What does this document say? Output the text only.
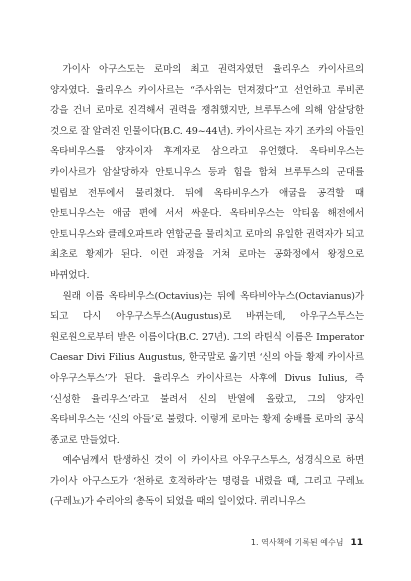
가이사 아구스도는 로마의 최고 권력자였던 율리우스 카이사르의 양자였다. 율리우스 카이사르는 “주사위는 던져졌다”고 선언하고 루비콘 강을 건너 로마로 진격해서 권력을 쟁취했지만, 브루투스에 의해 암살당한 것으로 잘 알려진 인물이다(B.C. 49~44년). 카이사르는 자기 조카의 아들인 옥타비우스를 양자이자 후계자로 삼으라고 유언했다. 옥타비우스는 카이사르가 암살당하자 안토니우스 등과 힘을 합쳐 브루투스의 군대를 빌립보 전투에서 물리쳤다. 뒤에 옥타비우스가 애굽을 공격할 때 안토니우스는 애굽 편에 서서 싸운다. 옥타비우스는 악티움 해전에서 안토니우스와 클레오파트라 연합군을 물리치고 로마의 유일한 권력자가 되고 최초로 황제가 된다. 이런 과정을 거쳐 로마는 공화정에서 왕정으로 바뀌었다.

원래 이름 옥타비우스(Octavius)는 뒤에 옥타비아누스(Octavianus)가 되고 다시 아우구스투스(Augustus)로 바뀌는데, 아우구스투스는 원로원으로부터 받은 이름이다(B.C. 27년). 그의 라틴식 이름은 Imperator Caesar Divi Filius Augustus, 한국말로 옮기면 ‘신의 아들 황제 카이사르 아우구스투스’가 된다. 율리우스 카이사르는 사후에 Divus Iulius, 즉 ‘신성한 율리우스’라고 불려서 신의 반열에 올랐고, 그의 양자인 옥타비우스는 ‘신의 아들’로 불렸다. 이렇게 로마는 황제 숭배를 로마의 공식 종교로 만들었다.

예수님께서 탄생하신 것이 이 카이사르 아우구스투스, 성경식으로 하면 가이사 아구스도가 ‘천하로 호적하라’는 명령을 내렸을 때, 그리고 구레뇨(구레뇨)가 수리아의 총독이 되었을 때의 일이었다. 퀴리니우스

1. 역사책에 기록된 예수님 11
